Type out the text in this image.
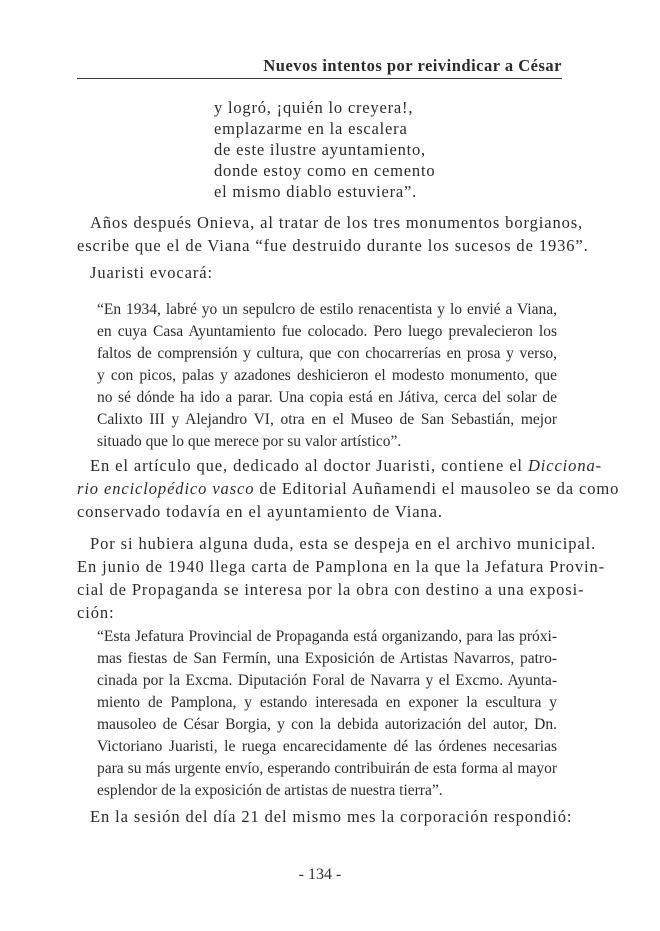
Nuevos intentos por reivindicar a César
y logró, ¡quién lo creyera!,
emplazarme en la escalera
de este ilustre ayuntamiento,
donde estoy como en cemento
el mismo diablo estuviera”.
Años después Onieva, al tratar de los tres monumentos borgianos,
escribe que el de Viana “fue destruido durante los sucesos de 1936”.
Juaristi evocará:
“En 1934, labré yo un sepulcro de estilo renacentista y lo envié a Viana,
en cuya Casa Ayuntamiento fue colocado. Pero luego prevalecieron los
faltos de comprensión y cultura, que con chocarrerías en prosa y verso,
y con picos, palas y azadones deshicieron el modesto monumento, que
no sé dónde ha ido a parar. Una copia está en Játiva, cerca del solar de
Calixto III y Alejandro VI, otra en el Museo de San Sebastián, mejor
situado que lo que merece por su valor artístico”.
En el artículo que, dedicado al doctor Juaristi, contiene el Dicciona-
rio enciclopédico vasco de Editorial Auñamendi el mausoleo se da como
conservado todavía en el ayuntamiento de Viana.
Por si hubiera alguna duda, esta se despeja en el archivo municipal.
En junio de 1940 llega carta de Pamplona en la que la Jefatura Provin-
cial de Propaganda se interesa por la obra con destino a una exposi-
ción:
“Esta Jefatura Provincial de Propaganda está organizando, para las próxi-
mas fiestas de San Fermín, una Exposición de Artistas Navarros, patro-
cinada por la Excma. Diputación Foral de Navarra y el Excmo. Ayunta-
miento de Pamplona, y estando interesada en exponer la escultura y
mausoleo de César Borgia, y con la debida autorización del autor, Dn.
Victoriano Juaristi, le ruega encarecidamente dé las órdenes necesarias
para su más urgente envío, esperando contribuirán de esta forma al mayor
esplendor de la exposición de artistas de nuestra tierra”.
En la sesión del día 21 del mismo mes la corporación respondió:
- 134 -
